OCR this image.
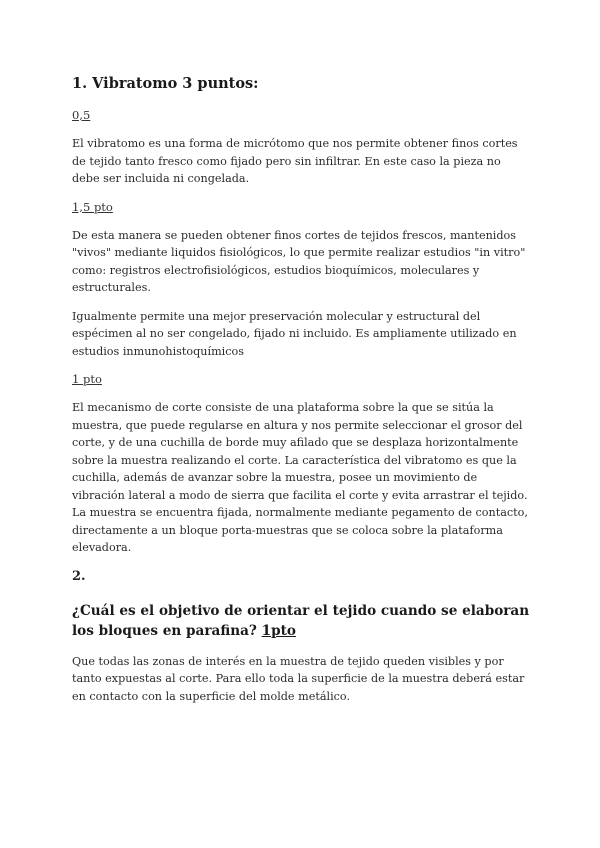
1. Vibratomo 3 puntos:
0,5

El vibratomo es una forma de micrótomo que nos permite obtener finos cortes de tejido tanto fresco como fijado pero sin infiltrar. En este caso la pieza no debe ser incluida ni congelada.

1,5 pto

De esta manera se pueden obtener finos cortes de tejidos frescos, mantenidos "vivos" mediante liquidos fisiológicos, lo que permite realizar estudios "in vitro" como: registros electrofisiológicos, estudios bioquímicos, moleculares y estructurales.

Igualmente permite una mejor preservación molecular y estructural del espécimen al no ser congelado, fijado ni incluido. Es ampliamente utilizado en estudios inmunohistoquímicos

1 pto

El mecanismo de corte consiste de una plataforma sobre la que se sitúa la muestra, que puede regularse en altura y nos permite seleccionar el grosor del corte, y de una cuchilla de borde muy afilado que se desplaza horizontalmente sobre la muestra realizando el corte. La característica del vibratomo es que la cuchilla, además de avanzar sobre la muestra, posee un movimiento de vibración lateral a modo de sierra que facilita el corte y evita arrastrar el tejido. La muestra se encuentra fijada, normalmente mediante pegamento de contacto, directamente a un bloque porta-muestras que se coloca sobre la plataforma elevadora.

2.
¿Cuál es el objetivo de orientar el tejido cuando se elaboran los bloques en parafina? 1pto

Que todas las zonas de interés en la muestra de tejido queden visibles y por tanto expuestas al corte. Para ello toda la superficie de la muestra deberá estar en contacto con la superficie del molde metálico.
